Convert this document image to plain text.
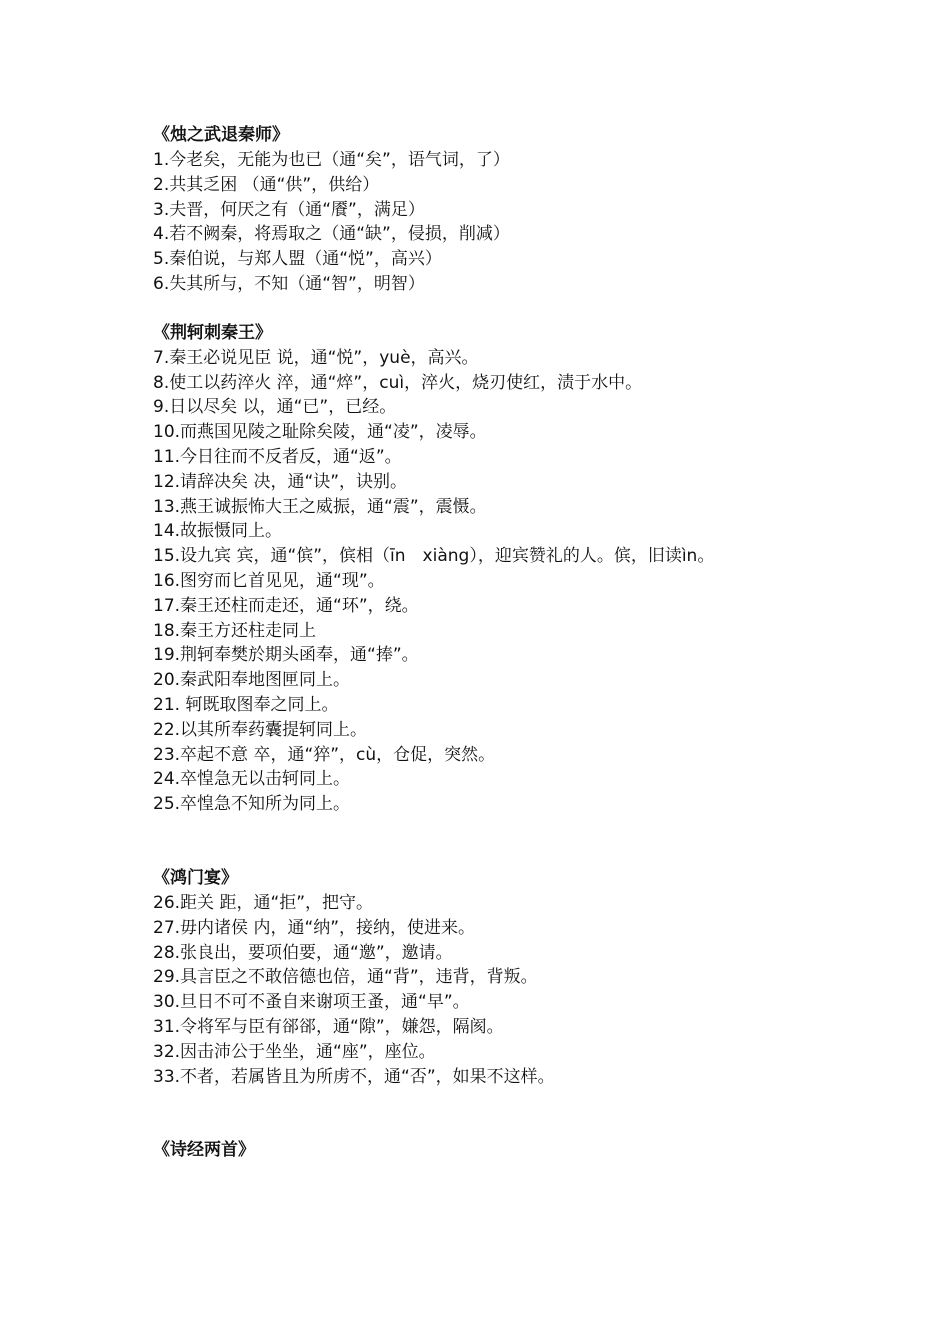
《烛之武退秦师》
1.今老矣，无能为也已（通“矣”，语气词，了）
2.共其乏困 （通“供”，供给）
3.夫晋，何厌之有（通“餍”，满足）
4.若不阙秦，将焉取之（通“缺”，侵损，削减）
5.秦伯说，与郑人盟（通“悦”，高兴）
6.失其所与，不知（通“智”，明智）
《荆轲刺秦王》
7.秦王必说见臣 说，通“悦”，yuè，高兴。
8.使工以药淬火 淬，通“焠”，cuì，淬火，烧刃使红，渍于水中。
9.日以尽矣 以，通“已”，已经。
10.而燕国见陵之耻除矣陵，通“凌”，凌辱。
11.今日往而不反者反，通“返”。
12.请辞决矣 决，通“诀”，诀别。
13.燕王诚振怖大王之威振，通“震”，震慑。
14.故振慑同上。
15.设九宾 宾，通“傧”，傧相（īn　xiàng），迎宾赞礼的人。傧，旧读ìn。
16.图穷而匕首见见，通“现”。
17.秦王还柱而走还，通“环”，绕。
18.秦王方还柱走同上
19.荆轲奉樊於期头函奉，通“捧”。
20.秦武阳奉地图匣同上。
21. 轲既取图奉之同上。
22.以其所奉药囊提轲同上。
23.卒起不意 卒，通“猝”，cù，仓促，突然。
24.卒惶急无以击轲同上。
25.卒惶急不知所为同上。
《鸿门宴》
26.距关 距，通“拒”，把守。
27.毋内诸侯 内，通“纳”，接纳，使进来。
28.张良出，要项伯要，通“邀”，邀请。
29.具言臣之不敢倍德也倍，通“背”，违背，背叛。
30.旦日不可不蚤自来谢项王蚤，通“早”。
31.令将军与臣有郤郤，通“隙”，嫌怨，隔阂。
32.因击沛公于坐坐，通“座”，座位。
33.不者，若属皆且为所虏不，通“否”，如果不这样。
《诗经两首》
